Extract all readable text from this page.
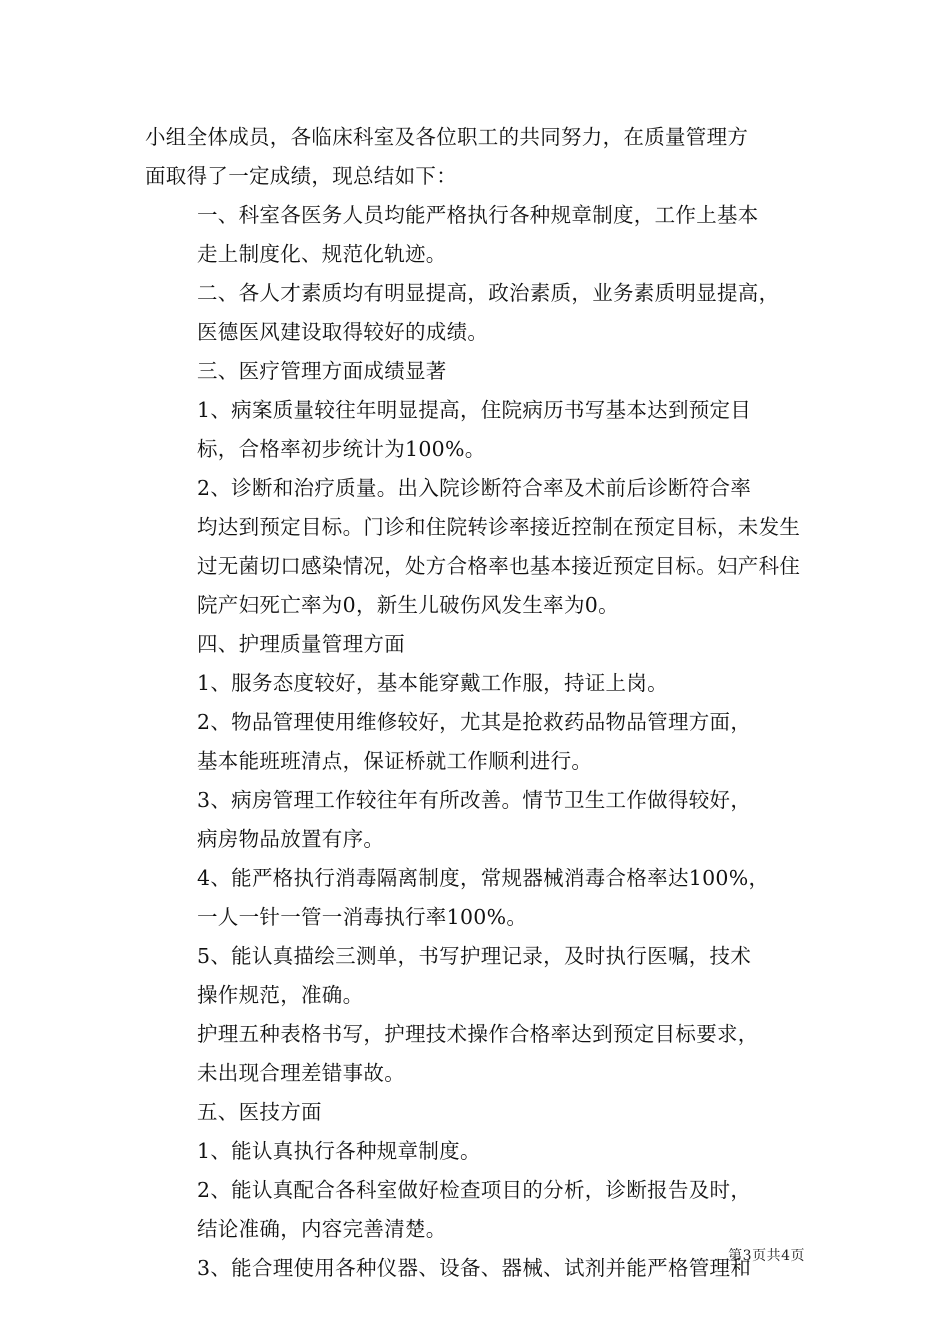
小组全体成员，各临床科室及各位职工的共同努力，在质量管理方
面取得了一定成绩，现总结如下：

一、科室各医务人员均能严格执行各种规章制度，工作上基本
走上制度化、规范化轨迹。

二、各人才素质均有明显提高，政治素质，业务素质明显提高，
医德医风建设取得较好的成绩。

三、医疗管理方面成绩显著

1、病案质量较往年明显提高，住院病历书写基本达到预定目
标，合格率初步统计为100%。

2、诊断和治疗质量。出入院诊断符合率及术前后诊断符合率
均达到预定目标。门诊和住院转诊率接近控制在预定目标，未发生
过无菌切口感染情况，处方合格率也基本接近预定目标。妇产科住
院产妇死亡率为0，新生儿破伤风发生率为0。

四、护理质量管理方面

1、服务态度较好，基本能穿戴工作服，持证上岗。

2、物品管理使用维修较好，尤其是抢救药品物品管理方面，
基本能班班清点，保证桥就工作顺利进行。

3、病房管理工作较往年有所改善。情节卫生工作做得较好，
病房物品放置有序。

4、能严格执行消毒隔离制度，常规器械消毒合格率达100%，
一人一针一管一消毒执行率100%。

5、能认真描绘三测单，书写护理记录，及时执行医嘱，技术
操作规范，准确。

护理五种表格书写，护理技术操作合格率达到预定目标要求，
未出现合理差错事故。

五、医技方面

1、能认真执行各种规章制度。

2、能认真配合各科室做好检查项目的分析，诊断报告及时，
结论准确，内容完善清楚。

3、能合理使用各种仪器、设备、器械、试剂并能严格管理和

第3页共4页
